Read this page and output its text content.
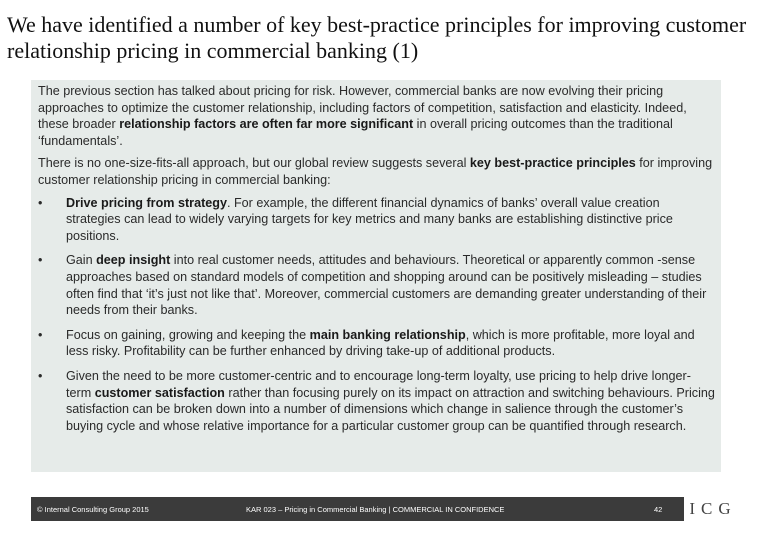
We have identified a number of key best-practice principles for improving customer relationship pricing in commercial banking (1)

The previous section has talked about pricing for risk. However, commercial banks are now evolving their pricing approaches to optimize the customer relationship, including factors of competition, satisfaction and elasticity. Indeed, these broader relationship factors are often far more significant in overall pricing outcomes than the traditional ‘fundamentals’.

There is no one-size-fits-all approach, but our global review suggests several key best-practice principles for improving customer relationship pricing in commercial banking:

•	Drive pricing from strategy. For example, the different financial dynamics of banks’ overall value creation strategies can lead to widely varying targets for key metrics and many banks are establishing distinctive price positions.
•	Gain deep insight into real customer needs, attitudes and behaviours. Theoretical or apparently common -sense approaches based on standard models of competition and shopping around can be positively misleading – studies often find that ‘it’s just not like that’. Moreover, commercial customers are demanding greater understanding of their needs from their banks.
•	Focus on gaining, growing and keeping the main banking relationship, which is more profitable, more loyal and less risky. Profitability can be further enhanced by driving take-up of additional products.
•	Given the need to be more customer-centric and to encourage long-term loyalty, use pricing to help drive longer-term customer satisfaction rather than focusing purely on its impact on attraction and switching behaviours. Pricing satisfaction can be broken down into a number of dimensions which change in salience through the customer’s buying cycle and whose relative importance for a particular customer group can be quantified through research.
© Internal Consulting Group 2015	KAR 023 – Pricing in Commercial Banking | COMMERCIAL IN CONFIDENCE	42	ICG
